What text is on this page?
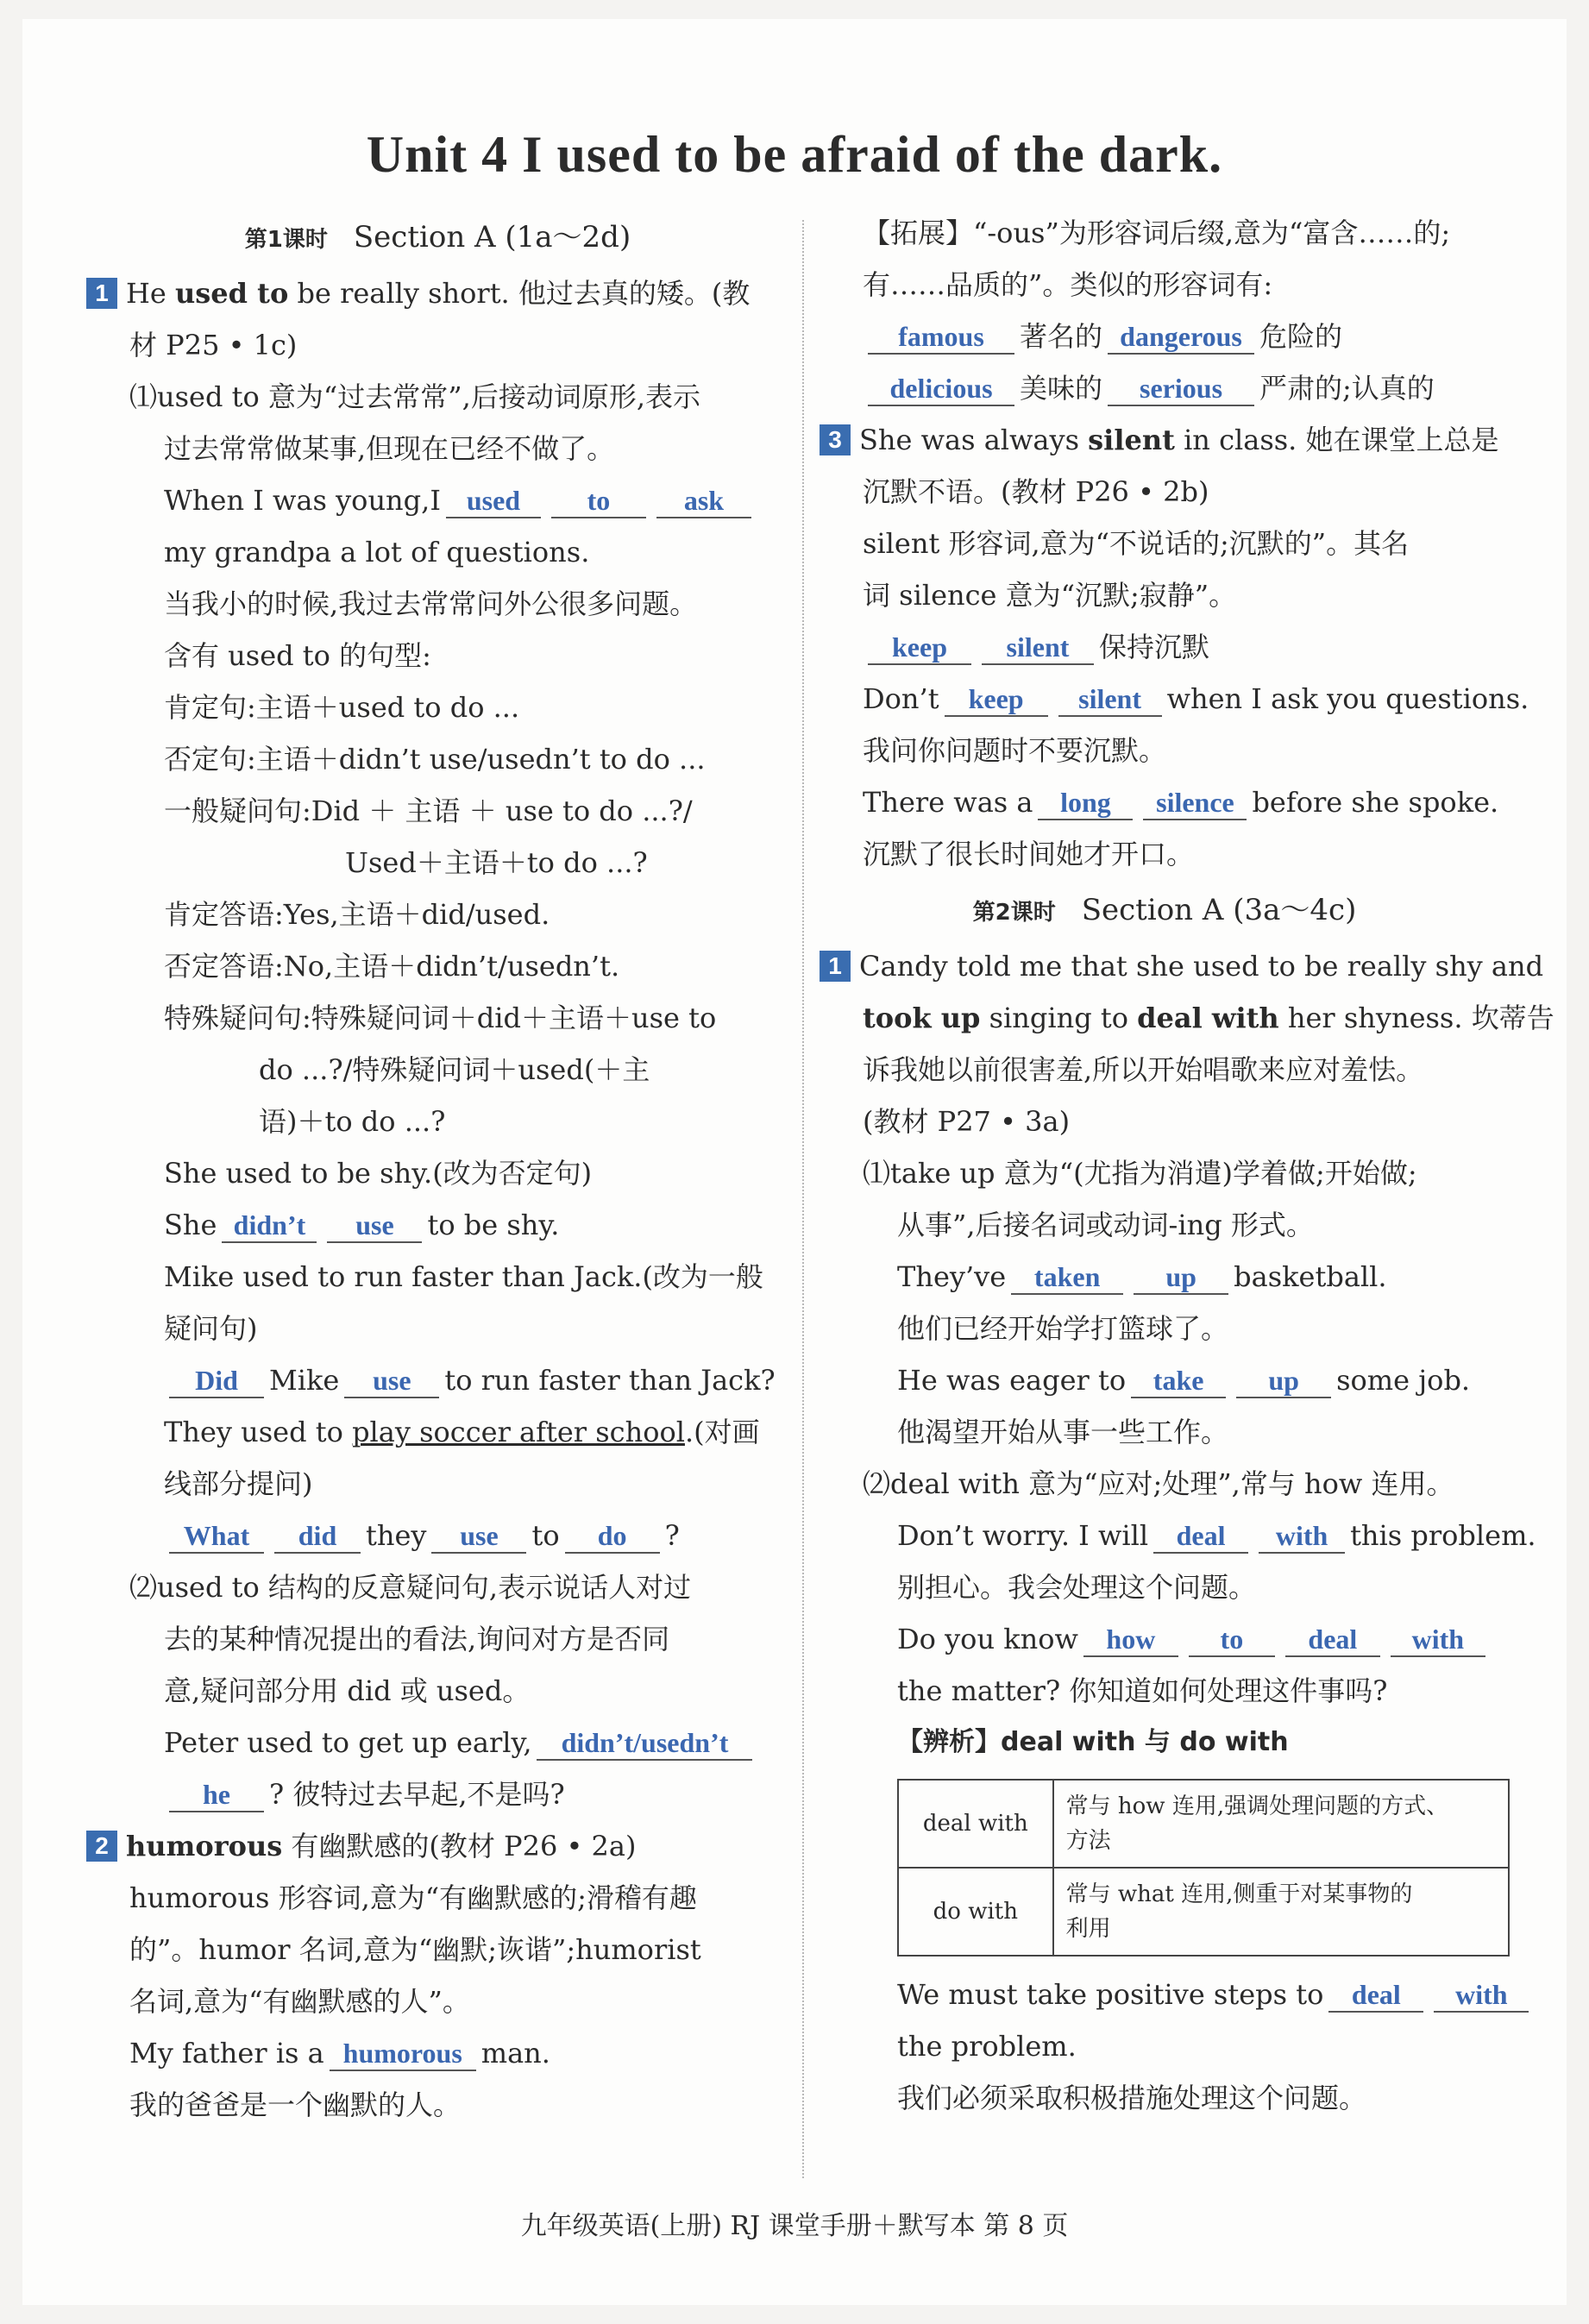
Unit 4 I used to be afraid of the dark.
第1课时 Section A (1a～2d)
1 He used to be really short. 他过去真的矮。(教
材 P25 • 1c)
⑴used to 意为“过去常常”,后接动词原形,表示
过去常常做某事,但现在已经不做了。
When I was young,I used to	ask
my grandpa a lot of questions.
当我小的时候,我过去常常问外公很多问题。
含有 used to 的句型:
肯定句:主语＋used to do ...
否定句:主语＋didn’t use/usedn’t to do ...
一般疑问句:Did ＋ 主语 ＋ use to do ...?/
Used＋主语＋to do ...?
肯定答语:Yes,主语＋did/used.
否定答语:No,主语＋didn’t/usedn’t.
特殊疑问句:特殊疑问词＋did＋主语＋use to
do ...?/特殊疑问词＋used(＋主
语)＋to do ...?
She used to be shy.(改为否定句)
She didn’t use to be shy.
Mike used to run faster than Jack.(改为一般
疑问句)
Did Mike use to run faster than Jack?
They used to play soccer after school.(对画
线部分提问)
What did they use to do ?
⑵used to 结构的反意疑问句,表示说话人对过
去的某种情况提出的看法,询问对方是否同
意,疑问部分用 did 或 used。
Peter used to get up early, didn’t/usedn’t
he ? 彼特过去早起,不是吗?
2 humorous 有幽默感的(教材 P26 • 2a)
humorous 形容词,意为“有幽默感的;滑稽有趣
的”。humor 名词,意为“幽默;诙谐”;humorist
名词,意为“有幽默感的人”。
My father is a humorous man.
我的爸爸是一个幽默的人。
【拓展】“-ous”为形容词后缀,意为“富含……的;
有……品质的”。类似的形容词有:
famous 著名的 dangerous 危险的
delicious 美味的 serious 严肃的;认真的
3 She was always silent in class. 她在课堂上总是
沉默不语。(教材 P26 • 2b)
silent 形容词,意为“不说话的;沉默的”。其名
词 silence 意为“沉默;寂静”。
keep silent 保持沉默
Don’t keep silent when I ask you questions.
我问你问题时不要沉默。
There was a long silence before she spoke.
沉默了很长时间她才开口。
第2课时 Section A (3a～4c)
1 Candy told me that she used to be really shy and
took up singing to deal with her shyness. 坎蒂告
诉我她以前很害羞,所以开始唱歌来应对羞怯。
(教材 P27 • 3a)
⑴take up 意为“(尤指为消遣)学着做;开始做;
从事”,后接名词或动词-ing 形式。
They’ve taken up basketball.
他们已经开始学打篮球了。
He was eager to take up some job.
他渴望开始从事一些工作。
⑵deal with 意为“应对;处理”,常与 how 连用。
Don’t worry. I will deal with this problem.
别担心。我会处理这个问题。
Do you know how to deal with
the matter? 你知道如何处理这件事吗?
【辨析】deal with 与 do with
deal with	常与 how 连用,强调处理问题的方式、
方法

do with	常与 what 连用,侧重于对某事物的
利用
We must take positive steps to deal with
the problem.
我们必须采取积极措施处理这个问题。
九年级英语(上册) RJ 课堂手册＋默写本 第 8 页
